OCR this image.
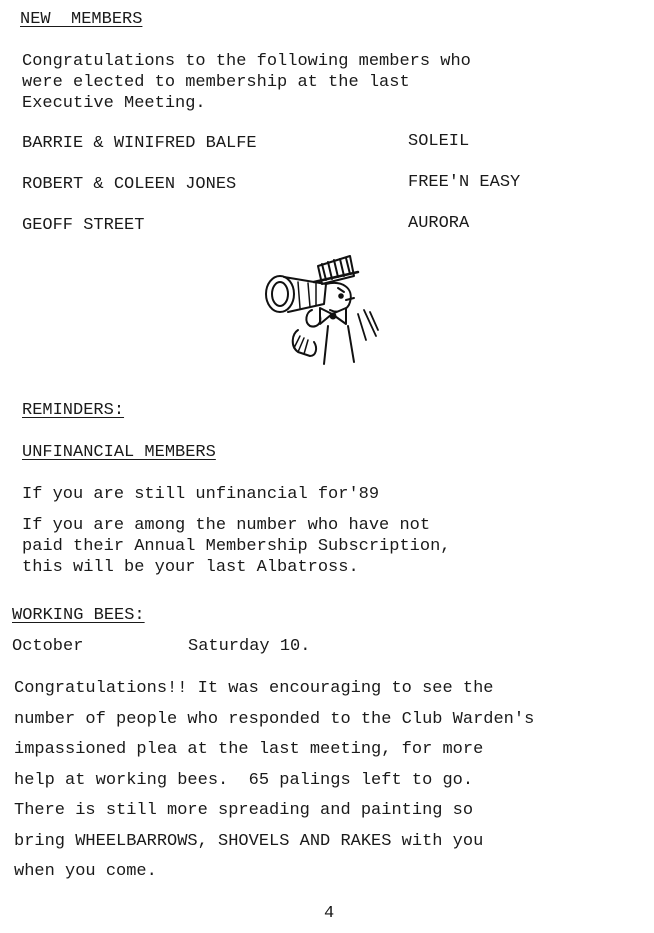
NEW  MEMBERS
Congratulations to the following members who
were elected to membership at the last
Executive Meeting.
BARRIE & WINIFRED BALFE	SOLEIL
ROBERT & COLEEN JONES	FREE'N EASY
GEOFF STREET	AURORA
REMINDERS:
UNFINANCIAL MEMBERS
If you are still unfinancial for'89
If you are among the number who have not
paid their Annual Membership Subscription,
this will be your last Albatross.
WORKING BEES:
October	Saturday 10.
Congratulations!! It was encouraging to see the
number of people who responded to the Club Warden's
impassioned plea at the last meeting, for more
help at working bees.  65 palings left to go.
There is still more spreading and painting so
bring WHEELBARROWS, SHOVELS AND RAKES with you
when you come.
4
